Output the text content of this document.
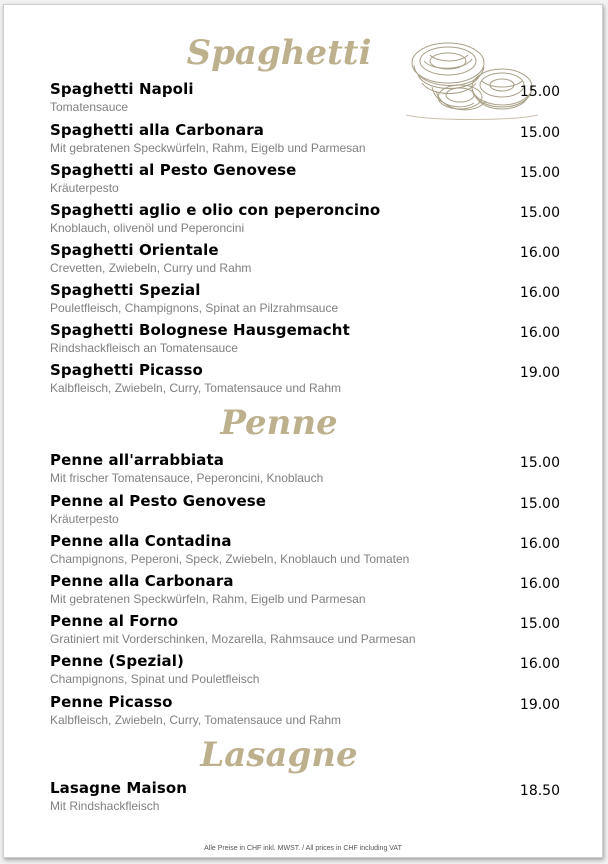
Spaghetti
Spaghetti Napoli
Tomatensauce
15.00
Spaghetti alla Carbonara
Mit gebratenen Speckwürfeln, Rahm, Eigelb und Parmesan
15.00
Spaghetti al Pesto Genovese
Kräuterpesto
15.00
Spaghetti aglio e olio con peperoncino
Knoblauch, olivenöl und Peperoncini
15.00
Spaghetti Orientale
Crevetten, Zwiebeln, Curry und Rahm
16.00
Spaghetti Spezial
Pouletfleisch, Champignons, Spinat an Pilzrahmsauce
16.00
Spaghetti Bolognese Hausgemacht
Rindshackfleisch an Tomatensauce
16.00
Spaghetti Picasso
Kalbfleisch, Zwiebeln, Curry, Tomatensauce und Rahm
19.00
Penne
Penne all'arrabbiata
Mit frischer Tomatensauce, Peperoncini, Knoblauch
15.00
Penne al Pesto Genovese
Kräuterpesto
15.00
Penne alla Contadina
Champignons, Peperoni, Speck, Zwiebeln, Knoblauch und Tomaten
16.00
Penne alla Carbonara
Mit gebratenen Speckwürfeln, Rahm, Eigelb und Parmesan
16.00
Penne al Forno
Gratiniert mit Vorderschinken, Mozarella, Rahmsauce und Parmesan
15.00
Penne (Spezial)
Champignons, Spinat und Pouletfleisch
16.00
Penne Picasso
Kalbfleisch, Zwiebeln, Curry, Tomatensauce und Rahm
19.00
Lasagne
Lasagne Maison
Mit Rindshackfleisch
18.50
Alle Preise in CHF inkl. MWST. / All prices in CHF including VAT
